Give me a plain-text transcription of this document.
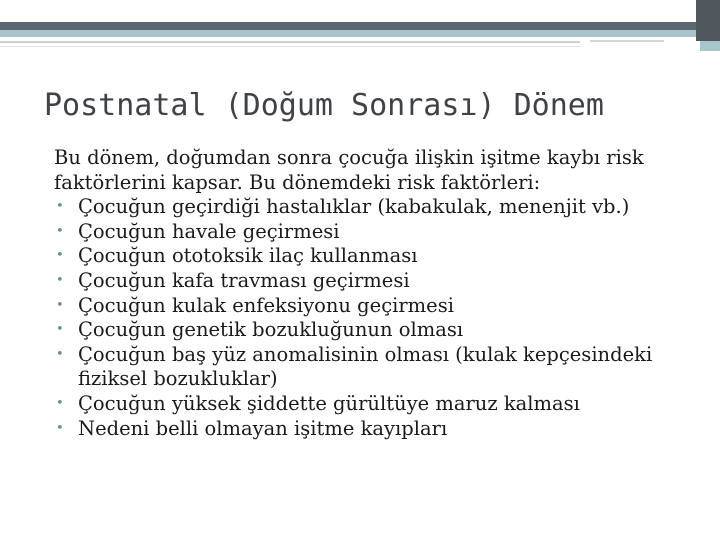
Postnatal (Doğum Sonrası) Dönem

Bu dönem, doğumdan sonra çocuğa ilişkin işitme kaybı risk faktörlerini kapsar. Bu dönemdeki risk faktörleri:

• Çocuğun geçirdiği hastalıklar (kabakulak, menenjit vb.)
• Çocuğun havale geçirmesi
• Çocuğun ototoksik ilaç kullanması
• Çocuğun kafa travması geçirmesi
• Çocuğun kulak enfeksiyonu geçirmesi
• Çocuğun genetik bozukluğunun olması
• Çocuğun baş yüz anomalisinin olması (kulak kepçesindeki fiziksel bozukluklar)
• Çocuğun yüksek şiddette gürültüye maruz kalması
• Nedeni belli olmayan işitme kayıpları
